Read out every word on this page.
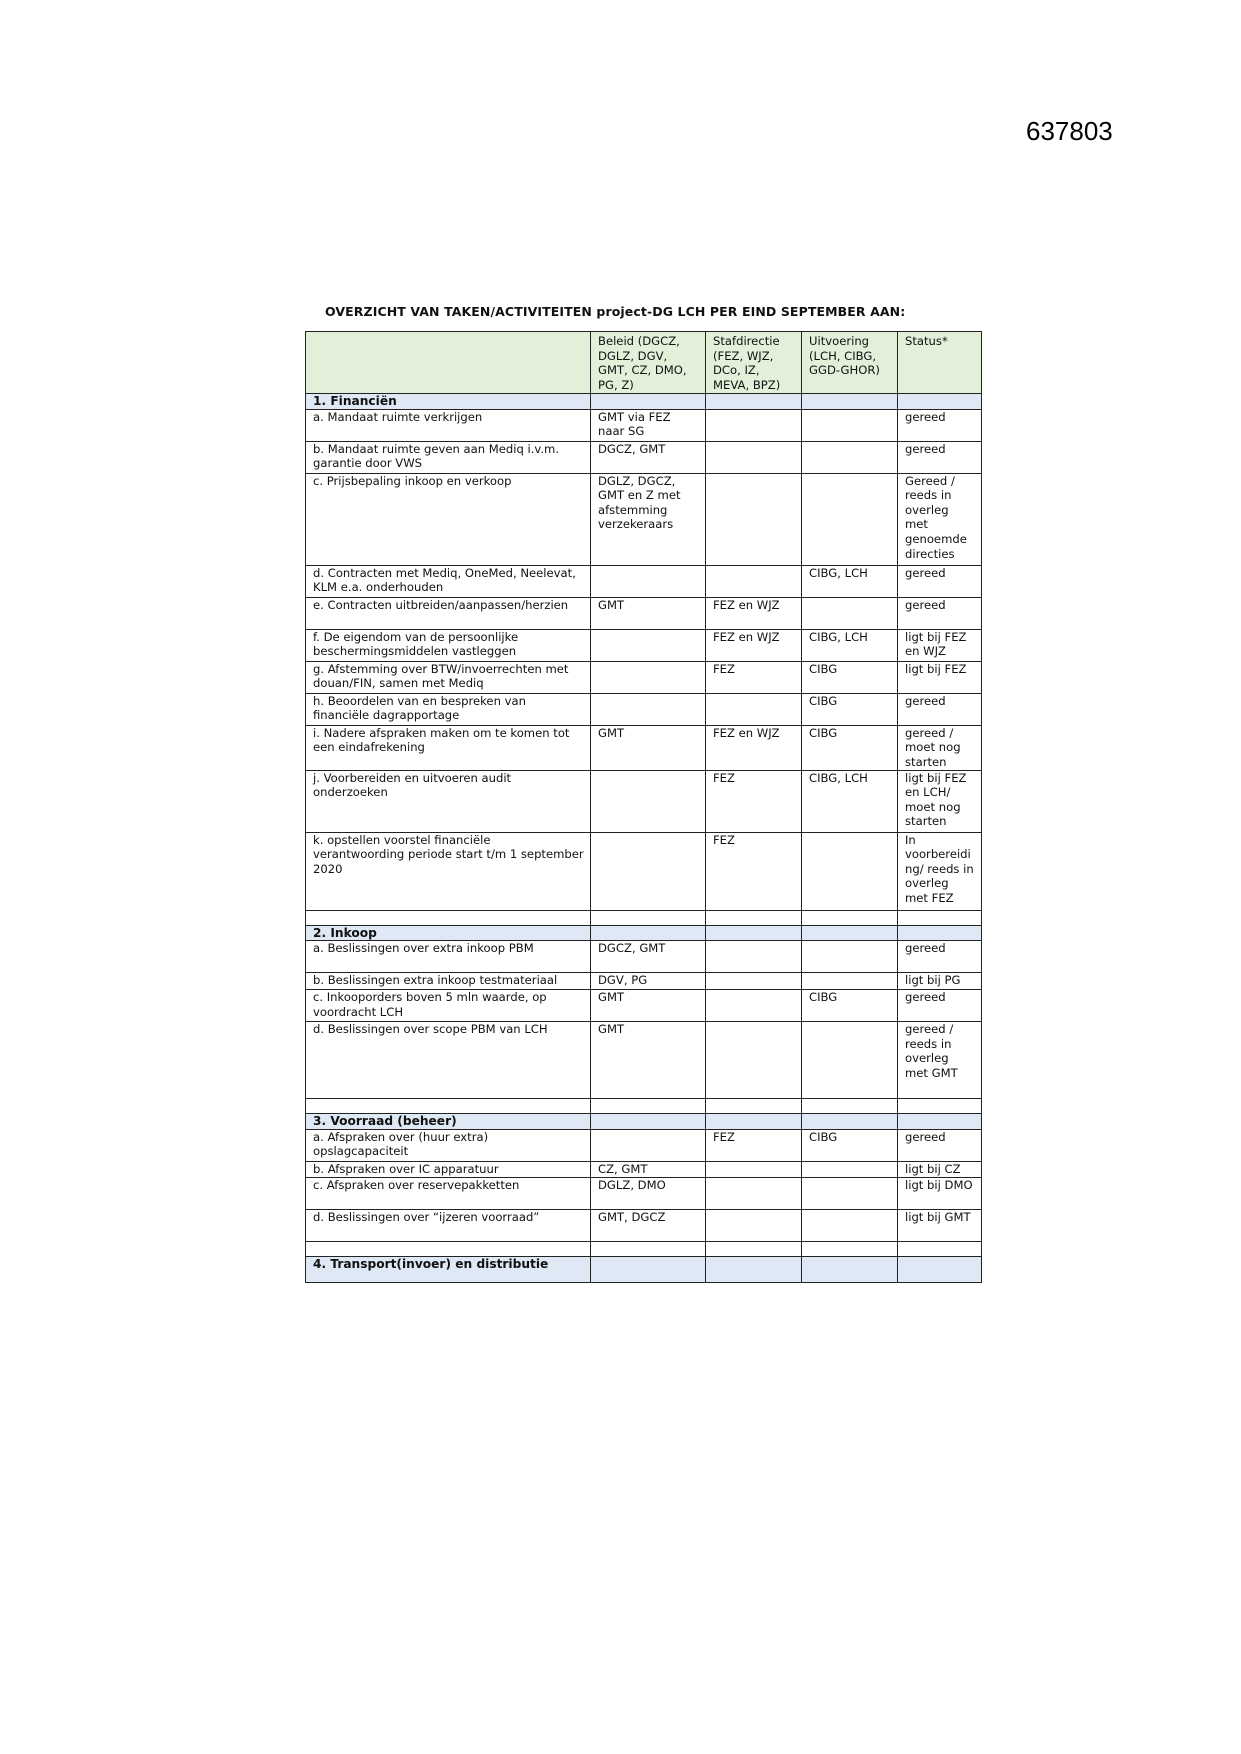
637803
OVERZICHT VAN TAKEN/ACTIVITEITEN project-DG LCH PER EIND SEPTEMBER AAN:
	Beleid (DGCZ, DGLZ, DGV, GMT, CZ, DMO, PG, Z)	Stafdirectie (FEZ, WJZ, DCo, IZ, MEVA, BPZ)	Uitvoering (LCH, CIBG, GGD-GHOR)	Status*
1. Financiën				
a. Mandaat ruimte verkrijgen	GMT via FEZ naar SG			gereed
b. Mandaat ruimte geven aan Mediq i.v.m. garantie door VWS	DGCZ, GMT			gereed
c. Prijsbepaling inkoop en verkoop	DGLZ, DGCZ, GMT en Z met afstemming verzekeraars			Gereed / reeds in overleg met genoemde directies
d. Contracten met Mediq, OneMed, Neelevat, KLM e.a. onderhouden			CIBG, LCH	gereed
e. Contracten uitbreiden/aanpassen/herzien	GMT	FEZ en WJZ		gereed
f. De eigendom van de persoonlijke beschermingsmiddelen vastleggen		FEZ en WJZ	CIBG, LCH	ligt bij FEZ en WJZ
g. Afstemming over BTW/invoerrechten met douan/FIN, samen met Mediq		FEZ	CIBG	ligt bij FEZ
h. Beoordelen van en bespreken van financiële dagrapportage			CIBG	gereed
i. Nadere afspraken maken om te komen tot een eindafrekening	GMT	FEZ en WJZ	CIBG	gereed / moet nog starten
j. Voorbereiden en uitvoeren audit onderzoeken		FEZ	CIBG, LCH	ligt bij FEZ en LCH/ moet nog starten
k. opstellen voorstel financiële verantwoording periode start t/m 1 september 2020		FEZ		In voorbereidi ng/ reeds in overleg met FEZ

2. Inkoop				
a. Beslissingen over extra inkoop PBM	DGCZ, GMT			gereed
b. Beslissingen extra inkoop testmateriaal	DGV, PG			ligt bij PG
c. Inkooporders boven 5 mln waarde, op voordracht LCH	GMT		CIBG	gereed
d. Beslissingen over scope PBM van LCH	GMT			gereed / reeds in overleg met GMT

3. Voorraad (beheer)				
a. Afspraken over (huur extra) opslagcapaciteit		FEZ	CIBG	gereed
b. Afspraken over IC apparatuur	CZ, GMT			ligt bij CZ
c. Afspraken over reservepakketten	DGLZ, DMO			ligt bij DMO
d. Beslissingen over “ijzeren voorraad”	GMT, DGCZ			ligt bij GMT

4. Transport(invoer) en distributie				
